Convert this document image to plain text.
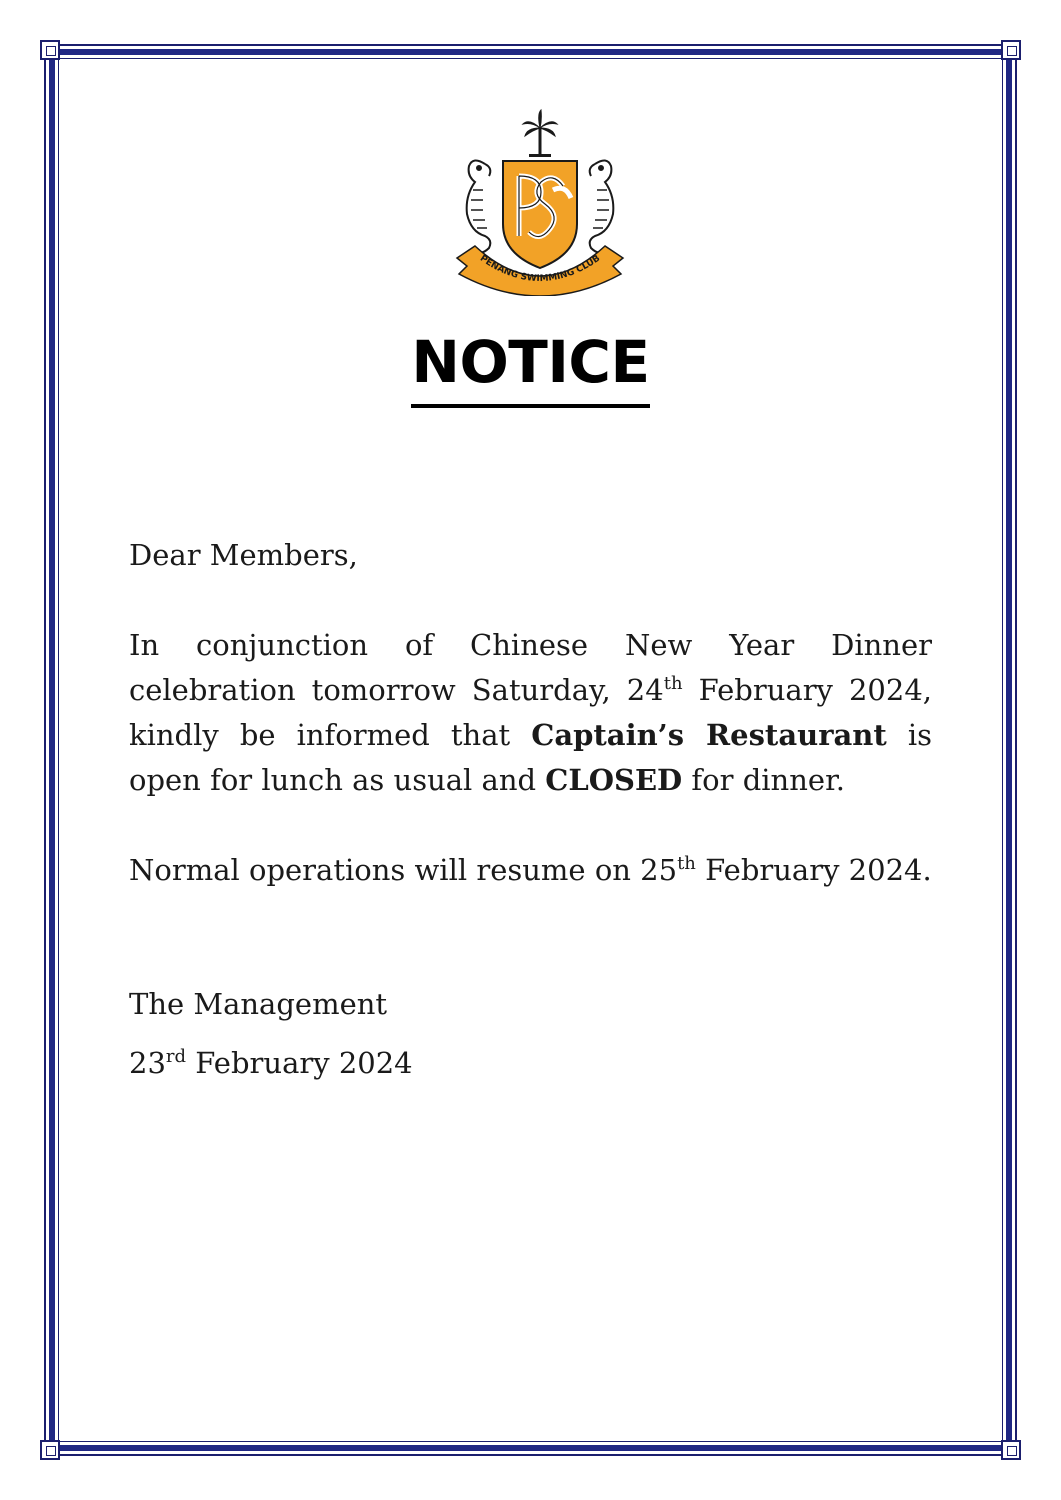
PENANG SWIMMING CLUB
NOTICE
Dear Members,
In conjunction of Chinese New Year Dinner celebration tomorrow Saturday, 24th February 2024, kindly be informed that Captain’s Restaurant is open for lunch as usual and CLOSED for dinner.
Normal operations will resume on 25th February 2024.
The Management
23rd February 2024
